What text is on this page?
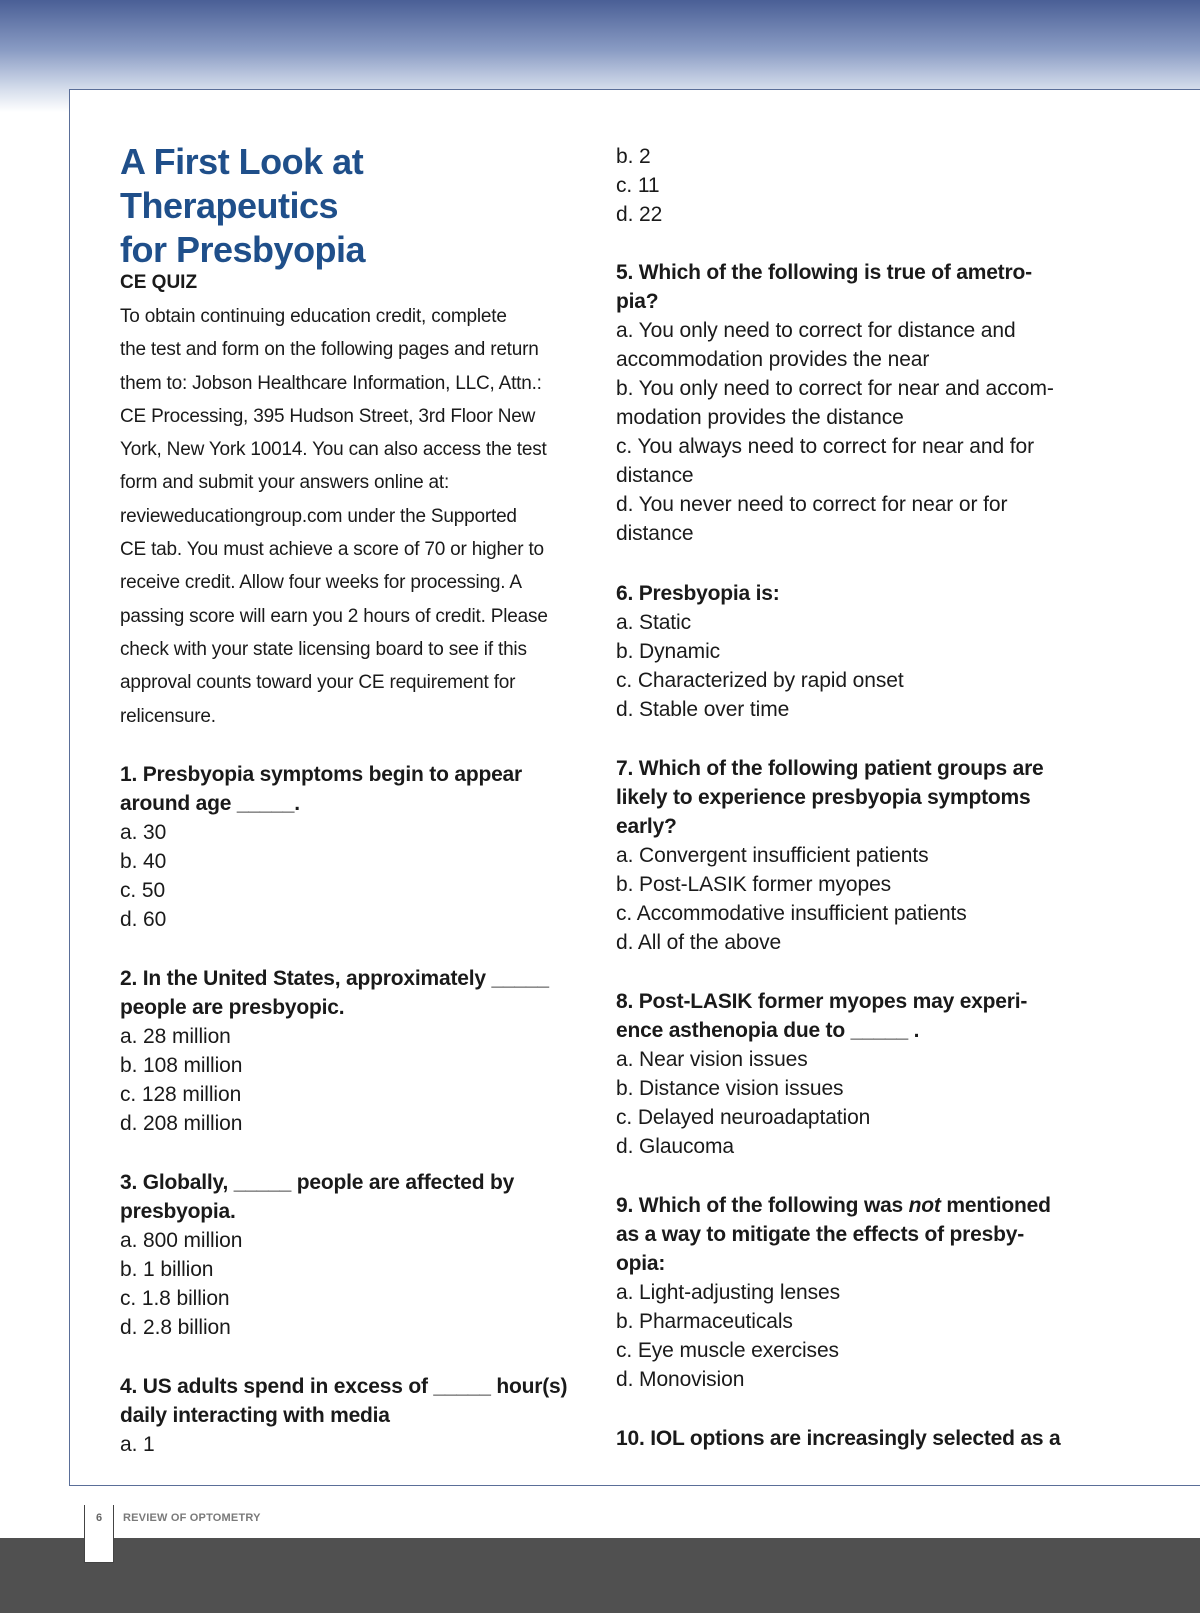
A First Look at
Therapeutics
for Presbyopia

CE QUIZ

To obtain continuing education credit, complete
the test and form on the following pages and return
them to: Jobson Healthcare Information, LLC, Attn.:
CE Processing, 395 Hudson Street, 3rd Floor New
York, New York 10014. You can also access the test
form and submit your answers online at:
revieweducationgroup.com under the Supported
CE tab. You must achieve a score of 70 or higher to
receive credit. Allow four weeks for processing. A
passing score will earn you 2 hours of credit. Please
check with your state licensing board to see if this
approval counts toward your CE requirement for
relicensure.

1. Presbyopia symptoms begin to appear

around age _____.

a. 30

b. 40

c. 50

d. 60

2. In the United States, approximately _____

people are presbyopic.

a. 28 million

b. 108 million

c. 128 million

d. 208 million

3. Globally, _____ people are affected by

presbyopia.

a. 800 million

b. 1 billion

c. 1.8 billion

d. 2.8 billion

4. US adults spend in excess of _____ hour(s)

daily interacting with media

a. 1

b. 2

c. 11

d. 22

5. Which of the following is true of ametro-

pia?

a. You only need to correct for distance and

accommodation provides the near

b. You only need to correct for near and accom-

modation provides the distance

c. You always need to correct for near and for

distance

d. You never need to correct for near or for

distance

6. Presbyopia is:

a. Static

b. Dynamic

c. Characterized by rapid onset

d. Stable over time

7. Which of the following patient groups are

likely to experience presbyopia symptoms

early?

a. Convergent insufficient patients

b. Post-LASIK former myopes

c. Accommodative insufficient patients

d. All of the above

8. Post-LASIK former myopes may experi-

ence asthenopia due to _____ .

a. Near vision issues

b. Distance vision issues

c. Delayed neuroadaptation

d. Glaucoma

9. Which of the following was not mentioned

as a way to mitigate the effects of presby-

opia:

a. Light-adjusting lenses

b. Pharmaceuticals

c. Eye muscle exercises

d. Monovision

10. IOL options are increasingly selected as a

6	REVIEW OF OPTOMETRY
